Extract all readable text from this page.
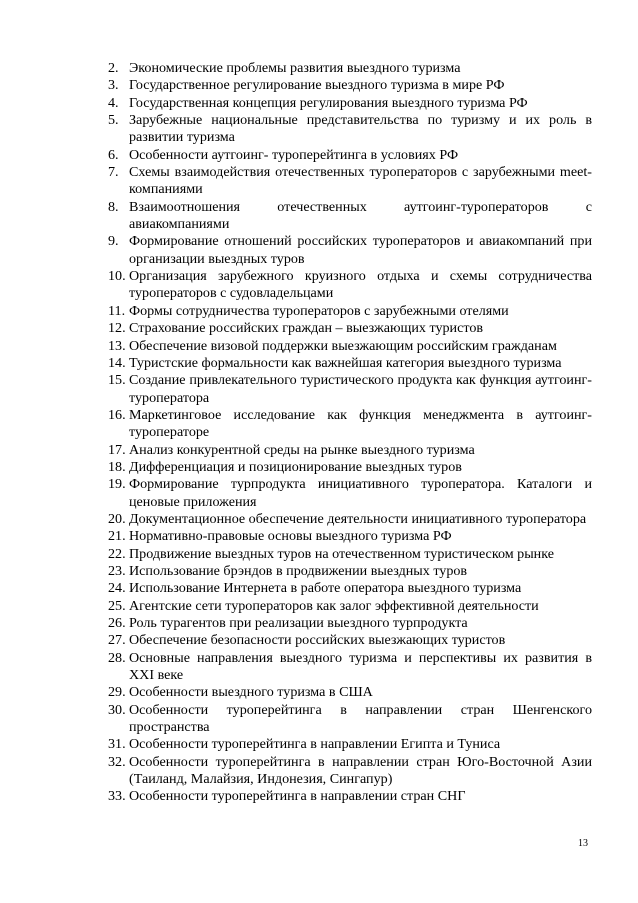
2. Экономические проблемы развития выездного туризма
3. Государственное регулирование выездного туризма в мире РФ
4. Государственная концепция регулирования выездного туризма РФ
5. Зарубежные национальные представительства по туризму и их роль в развитии туризма
6. Особенности аутгоинг- туроперейтинга в условиях РФ
7. Схемы взаимодействия отечественных туроператоров с зарубежными meet-компаниями
8. Взаимоотношения отечественных аутгоинг-туроператоров с авиакомпаниями
9. Формирование отношений российских туроператоров и авиакомпаний при организации выездных туров
10. Организация зарубежного круизного отдыха и схемы сотрудничества туроператоров с судовладельцами
11. Формы сотрудничества туроператоров с зарубежными отелями
12. Страхование российских граждан – выезжающих туристов
13. Обеспечение визовой поддержки выезжающим российским гражданам
14. Туристские формальности как важнейшая категория выездного туризма
15. Создание привлекательного туристического продукта как функция аутгоинг-туроператора
16. Маркетинговое исследование как функция менеджмента в аутгоинг-туроператоре
17. Анализ конкурентной среды на рынке выездного туризма
18. Дифференциация и позиционирование выездных туров
19. Формирование турпродукта инициативного туроператора. Каталоги и ценовые приложения
20. Документационное обеспечение деятельности инициативного туроператора
21. Нормативно-правовые основы выездного туризма РФ
22. Продвижение выездных туров на отечественном туристическом рынке
23. Использование брэндов в продвижении выездных туров
24. Использование Интернета в работе оператора выездного туризма
25. Агентские сети туроператоров как залог эффективной деятельности
26. Роль турагентов при реализации выездного турпродукта
27. Обеспечение безопасности российских выезжающих туристов
28. Основные направления выездного туризма и перспективы их развития в XXI веке
29. Особенности выездного туризма в США
30. Особенности туроперейтинга в направлении стран Шенгенского пространства
31. Особенности туроперейтинга в направлении Египта и Туниса
32. Особенности туроперейтинга в направлении стран Юго-Восточной Азии (Таиланд, Малайзия, Индонезия, Сингапур)
33. Особенности туроперейтинга в направлении стран СНГ
13
